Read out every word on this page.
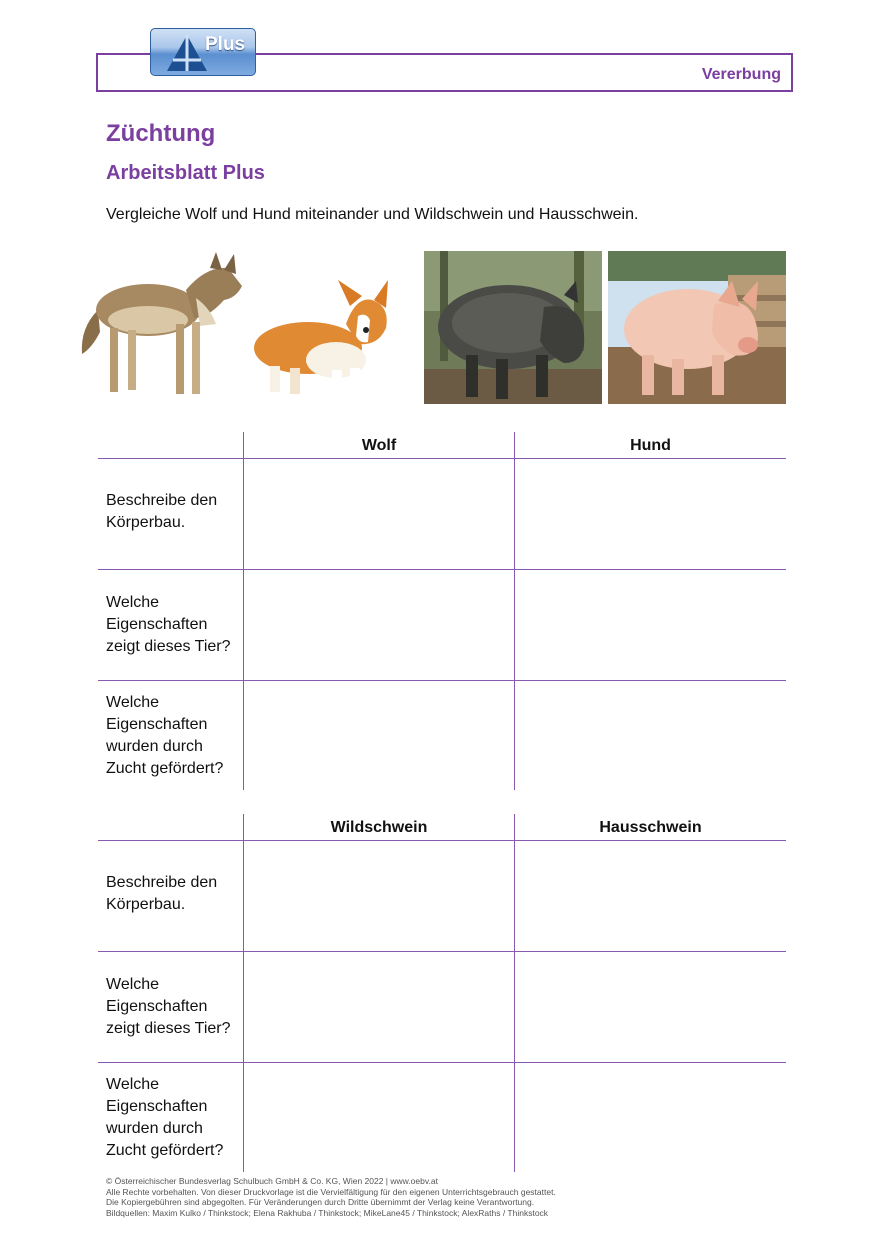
Vererbung
Plus
Züchtung
Arbeitsblatt Plus

Vergleiche Wolf und Hund miteinander und Wildschwein und Hausschwein.

Wolf	Hund
Beschreibe den Körperbau.
Welche Eigenschaften zeigt dieses Tier?
Welche Eigenschaften wurden durch Zucht gefördert?
Wildschwein	Hausschwein
Beschreibe den Körperbau.
Welche Eigenschaften zeigt dieses Tier?
Welche Eigenschaften wurden durch Zucht gefördert?
© Österreichischer Bundesverlag Schulbuch GmbH & Co. KG, Wien 2022 | www.oebv.at
Alle Rechte vorbehalten. Von dieser Druckvorlage ist die Vervielfältigung für den eigenen Unterrichtsgebrauch gestattet.
Die Kopiergebühren sind abgegolten. Für Veränderungen durch Dritte übernimmt der Verlag keine Verantwortung.
Bildquellen: Maxim Kulko / Thinkstock; Elena Rakhuba / Thinkstock; MikeLane45 / Thinkstock; AlexRaths / Thinkstock
